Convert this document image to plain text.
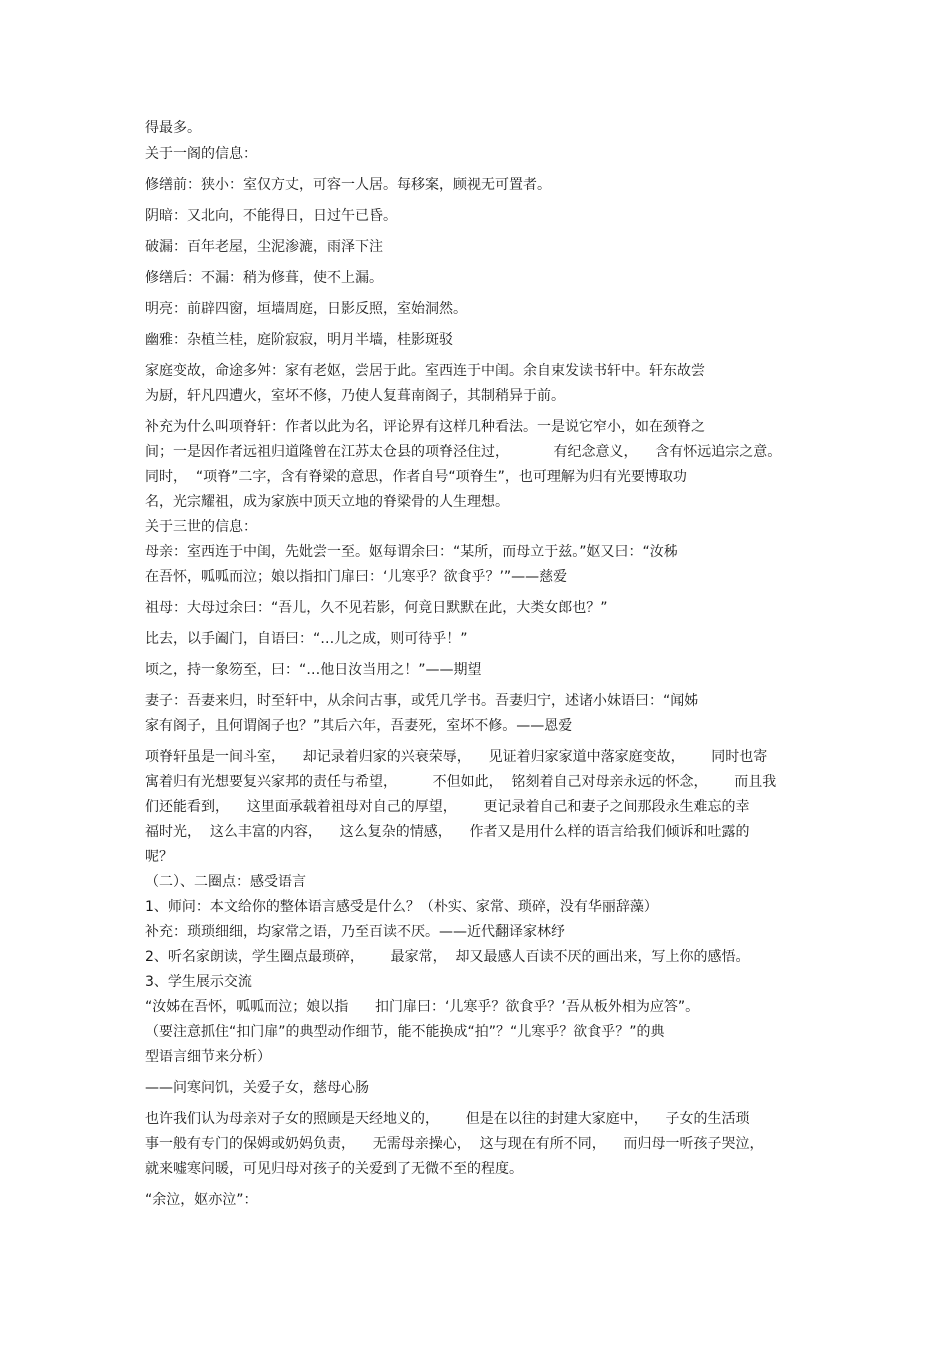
得最多。
关于一阁的信息：
修缮前：狭小：室仅方丈，可容一人居。每移案，顾视无可置者。
阴暗：又北向，不能得日，日过午已昏。
破漏：百年老屋，尘泥渗漉，雨泽下注
修缮后：不漏：稍为修葺，使不上漏。
明亮：前辟四窗，垣墙周庭，日影反照，室始洞然。
幽雅：杂植兰桂，庭阶寂寂，明月半墙，桂影斑驳
家庭变故，命途多舛：家有老妪，尝居于此。室西连于中闺。余自束发读书轩中。轩东故尝
为厨，轩凡四遭火，室坏不修，乃使人复葺南阁子，其制稍异于前。
补充为什么叫项脊轩：作者以此为名，评论界有这样几种看法。一是说它窄小，如在颈脊之
间；一是因作者远祖归道隆曾在江苏太仓县的项脊泾住过，          有纪念意义，    含有怀远追宗之意。
同时，  “项脊”二字，含有脊梁的意思，作者自号“项脊生”，也可理解为归有光要博取功
名，光宗耀祖，成为家族中顶天立地的脊梁骨的人生理想。
关于三世的信息：
母亲：室西连于中闺，先妣尝一至。妪每谓余曰：“某所，而母立于兹。”妪又曰：“汝秭
在吾怀，呱呱而泣；娘以指扣门扉曰：‘儿寒乎？欲食乎？’”——慈爱
祖母：大母过余曰：“吾儿，久不见若影，何竟日默默在此，大类女郎也？”
比去，以手阖门，自语曰：“…儿之成，则可待乎！”
顷之，持一象笏至，曰：“…他日汝当用之！”——期望
妻子：吾妻来归，时至轩中，从余问古事，或凭几学书。吾妻归宁，述诸小妹语曰：“闻姊
家有阁子，且何谓阁子也？”其后六年，吾妻死，室坏不修。——恩爱
项脊轩虽是一间斗室，    却记录着归家的兴衰荣辱，    见证着归家家道中落家庭变故，      同时也寄
寓着归有光想要复兴家邦的责任与希望，        不但如此，  铭刻着自己对母亲永远的怀念，      而且我
们还能看到，    这里面承载着祖母对自己的厚望，      更记录着自己和妻子之间那段永生难忘的幸
福时光，  这么丰富的内容，    这么复杂的情感，    作者又是用什么样的语言给我们倾诉和吐露的
呢？
（二）、二圈点：感受语言
1、师问：本文给你的整体语言感受是什么？（朴实、家常、琐碎，没有华丽辞藻）
补充：琐琐细细，均家常之语，乃至百读不厌。——近代翻译家林纾
2、听名家朗读，学生圈点最琐碎，      最家常，  却又最感人百读不厌的画出来，写上你的感悟。
3、学生展示交流
“汝姊在吾怀，呱呱而泣；娘以指      扣门扉曰：‘儿寒乎？欲食乎？’吾从板外相为应答”。
（要注意抓住“扣门扉”的典型动作细节，能不能换成“拍”？“儿寒乎？欲食乎？”的典
型语言细节来分析）
——问寒问饥，关爱子女，慈母心肠
也许我们认为母亲对子女的照顾是天经地义的，      但是在以往的封建大家庭中，    子女的生活琐
事一般有专门的保姆或奶妈负责，    无需母亲操心，  这与现在有所不同，    而归母一听孩子哭泣，
就来嘘寒问暖，可见归母对孩子的关爱到了无微不至的程度。
“余泣，妪亦泣”：
